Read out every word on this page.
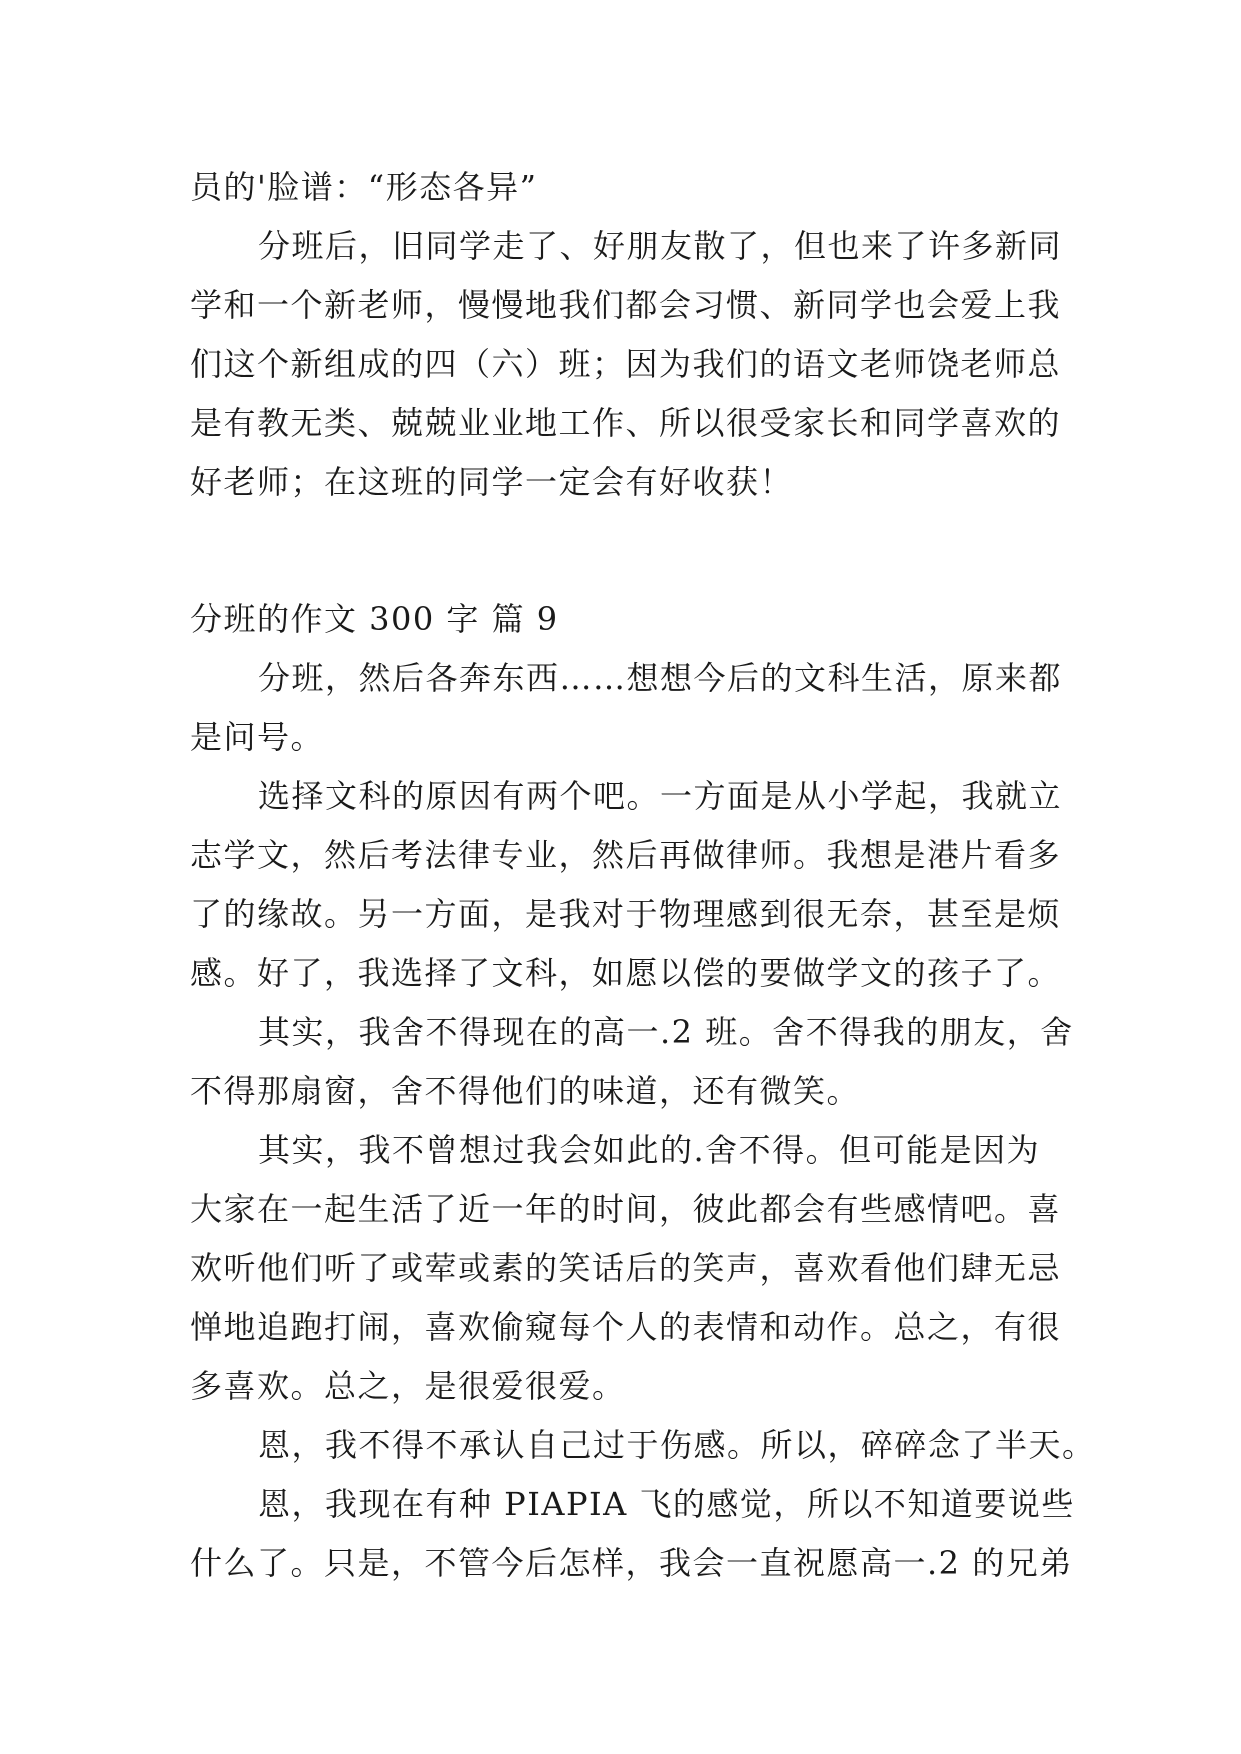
员的'脸谱：“形态各异”
分班后，旧同学走了、好朋友散了，但也来了许多新同
学和一个新老师，慢慢地我们都会习惯、新同学也会爱上我
们这个新组成的四（六）班；因为我们的语文老师饶老师总
是有教无类、兢兢业业地工作、所以很受家长和同学喜欢的
好老师；在这班的同学一定会有好收获！
分班的作文 300 字 篇 9
分班，然后各奔东西……想想今后的文科生活，原来都
是问号。
选择文科的原因有两个吧。一方面是从小学起，我就立
志学文，然后考法律专业，然后再做律师。我想是港片看多
了的缘故。另一方面，是我对于物理感到很无奈，甚至是烦
感。好了，我选择了文科，如愿以偿的要做学文的孩子了。
其实，我舍不得现在的高一.2 班。舍不得我的朋友，舍
不得那扇窗，舍不得他们的味道，还有微笑。
其实，我不曾想过我会如此的.舍不得。但可能是因为
大家在一起生活了近一年的时间，彼此都会有些感情吧。喜
欢听他们听了或荤或素的笑话后的笑声，喜欢看他们肆无忌
惮地追跑打闹，喜欢偷窥每个人的表情和动作。总之，有很
多喜欢。总之，是很爱很爱。
恩，我不得不承认自己过于伤感。所以，碎碎念了半天。
恩，我现在有种 PIAPIA 飞的感觉，所以不知道要说些
什么了。只是，不管今后怎样，我会一直祝愿高一.2 的兄弟
